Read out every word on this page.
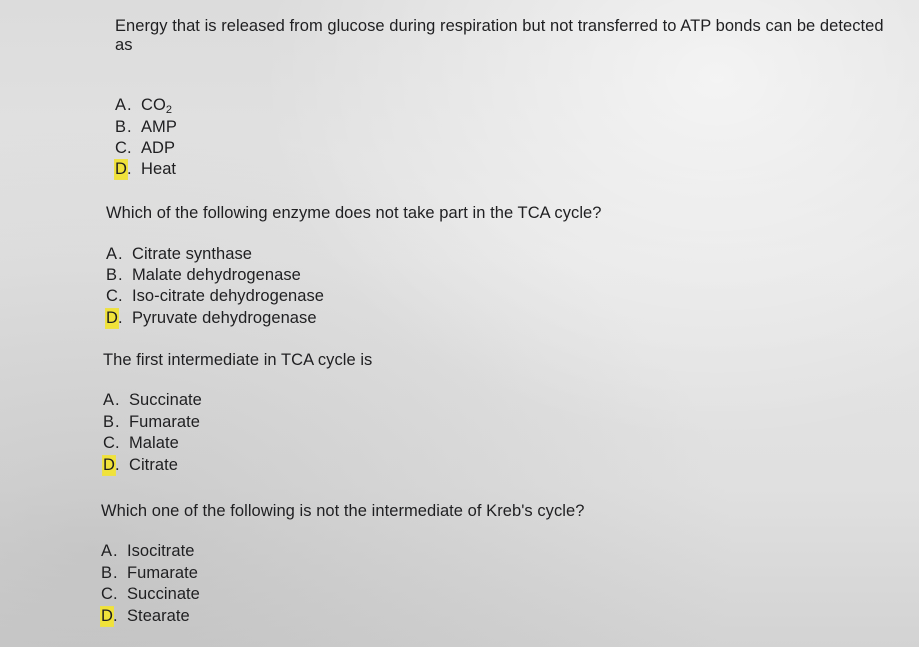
Energy that is released from glucose during respiration but not transferred to ATP bonds can be detected as

A. $CO_2$
B. AMP
C. ADP
D. Heat

Which of the following enzyme does not take part in the TCA cycle?

A. Citrate synthase
B. Malate dehydrogenase
C. Iso-citrate dehydrogenase
D. Pyruvate dehydrogenase

The first intermediate in TCA cycle is

A. Succinate
B. Fumarate
C. Malate
D. Citrate

Which one of the following is not the intermediate of Kreb's cycle?

A. Isocitrate
B. Fumarate
C. Succinate
D. Stearate
